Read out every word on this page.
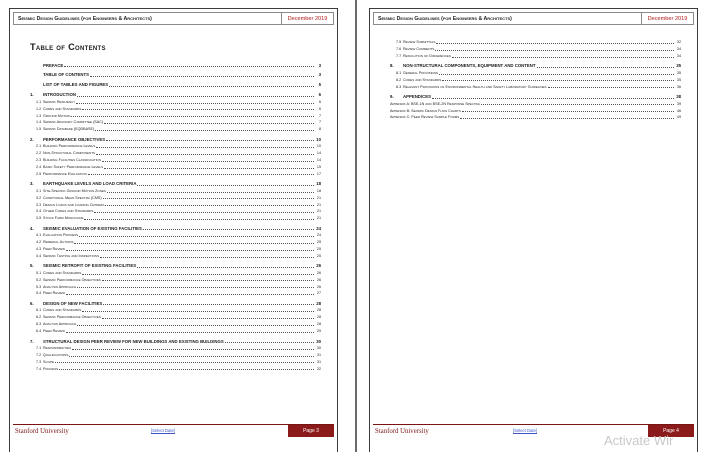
Seismic Design Guidelines (for Engineers & Architects)	December 2019
Table of Contents
PREFACE	3
TABLE OF CONTENTS	3
LIST OF TABLES AND FIGURES	5
1.	INTRODUCTION	6
1.1 Seismic Resiliency	6
1.2 Codes and Standards	6
1.3 Ground Motion	7
1.4 Seismic Advisory Committee (SAC)	7
1.5 Seismic Database (EQDBASE)	8
2.	PERFORMANCE OBJECTIVES	10
2.1 Building Performance Levels	10
2.2 Non-Structural Components	14
2.3 Building Facilities Classification	14
2.4 Basic Safety Performance Levels	15
2.5 Performance Evaluation	17
3.	EARTHQUAKE LEVELS AND LOAD CRITERIA	18
3.1 Site-Specific Ground Motion Zones	18
3.2 Conditional Mean Spectra (CMS)	21
3.3 Design Loads and Loading Criteria	21
3.4 Other Codes and Standards	21
3.5 Stock Farm Monocline	21
4.	SEISMIC EVALUATION OF EXISTING FACILITIES	24
4.1 Evaluation Process	24
4.2 Remedial Actions	25
4.3 Peer Review	25
4.4 Seismic Testing and Inspections	25
5.	SEISMIC RETROFIT OF EXISTING FACILITIES	26
5.1 Codes and Standards	26
5.2 Seismic Performance Objectives	26
5.3 Analysis Approach	26
5.4 Peer Review	27
6.	DESIGN OF NEW FACILITIES	28
6.1 Codes and Standards	28
6.2 Seismic Performance Objectives	28
6.3 Analysis Approach	28
6.4 Peer Review	29
7.	STRUCTURAL DESIGN PEER REVIEW FOR NEW BUILDINGS AND EXISTING BUILDINGS	30
7.1 Responsibilities	30
7.2 Qualifications	31
7.3 Scope	31
7.4 Process	32
[Select Date]
Stanford University	Page 3
Seismic Design Guidelines (for Engineers & Architects)	December 2019
7.5 Review Submittals	32
7.6 Review Comments	34
7.7 Resolution of Differences	34
8.	NON-STRUCTURAL COMPONENTS, EQUIPMENT AND CONTENT	35
8.1 General Provisions	35
8.2 Codes and Standards	35
8.3 Relevant Provisions of Environmental Health and Safety Laboratory Guidelines	36
9.	APPENDICES	38
Appendix A: BSE-1N and BSE-2N Response Spectra	39
Appendix B: Seismic Design Flow Charts	46
Appendix C: Peer Review Sample Forms	49
[Select Date]
Stanford University	Page 4
Activate Wir
